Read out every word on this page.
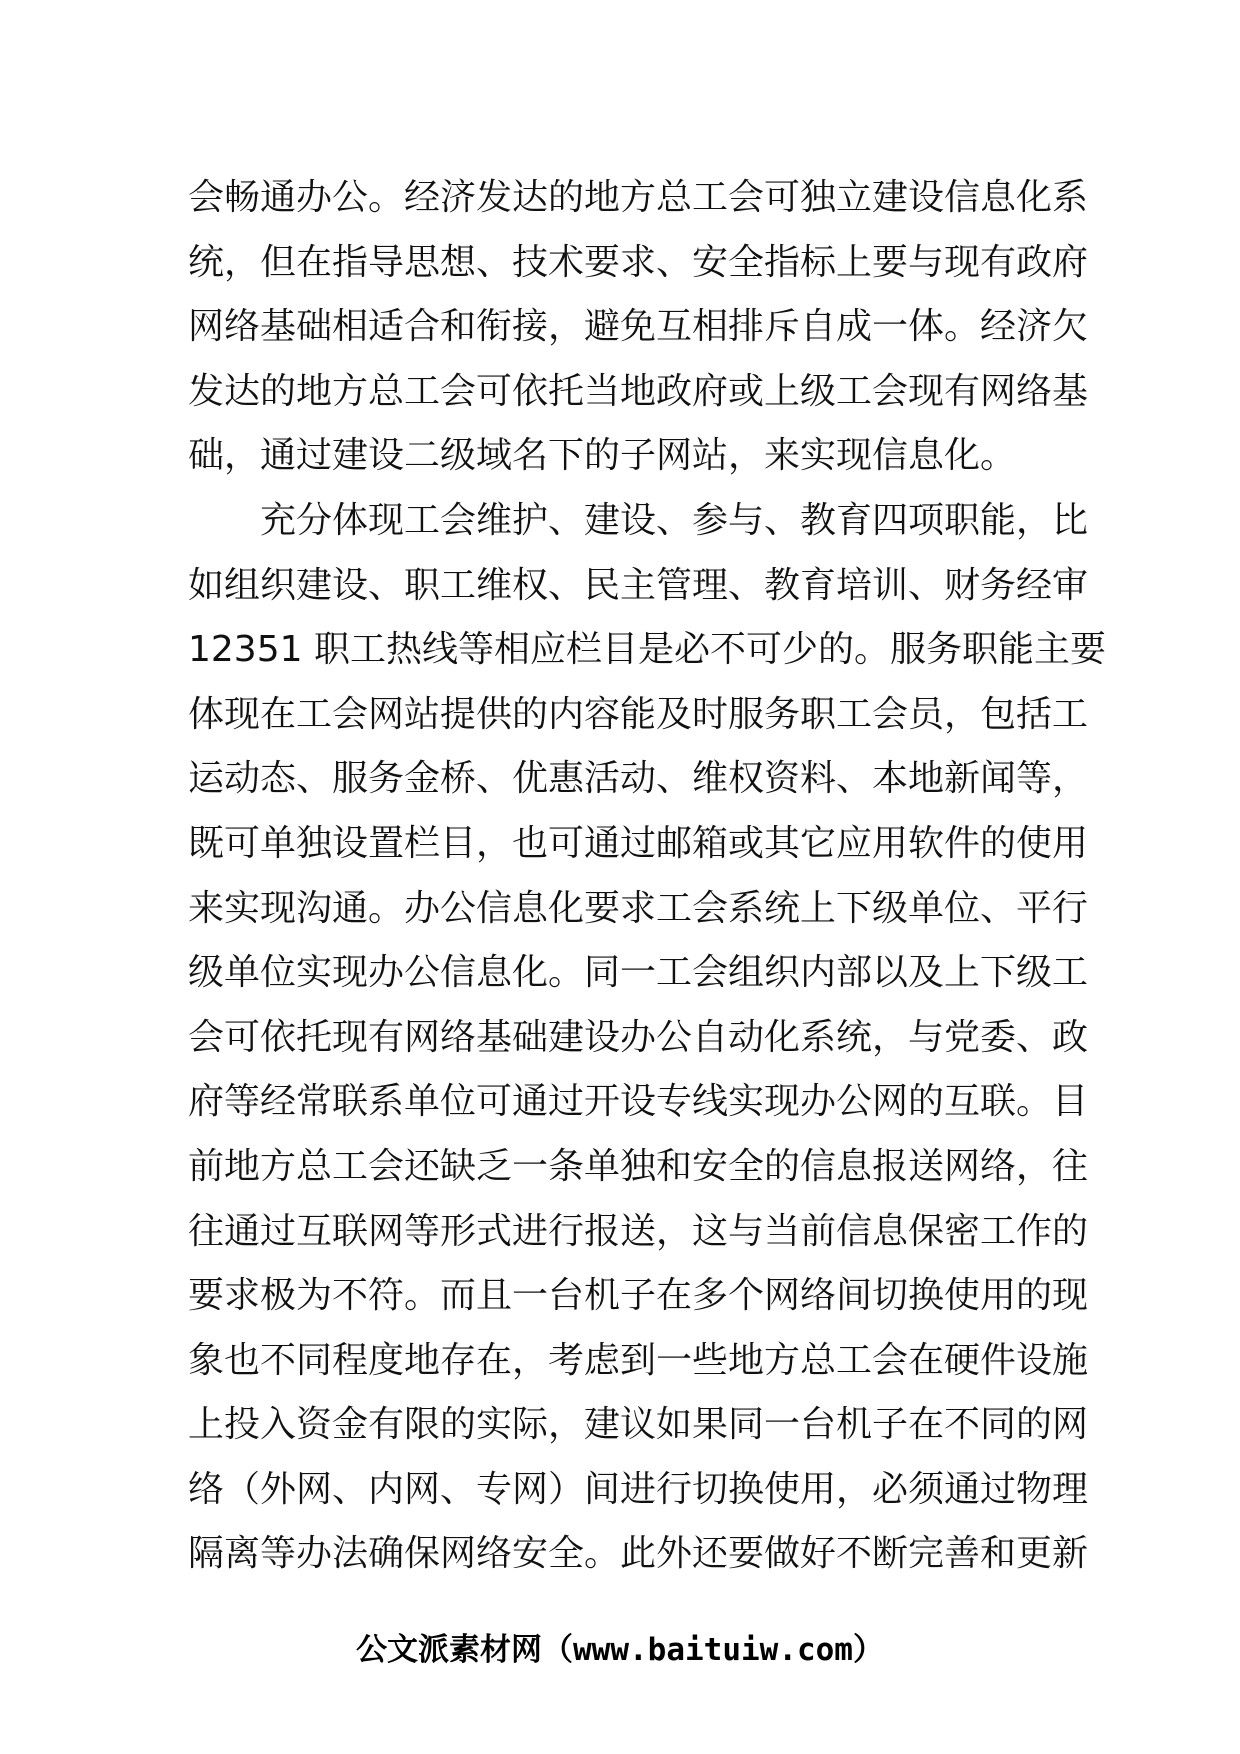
会畅通办公。经济发达的地方总工会可独立建设信息化系
统，但在指导思想、技术要求、安全指标上要与现有政府
网络基础相适合和衔接，避免互相排斥自成一体。经济欠
发达的地方总工会可依托当地政府或上级工会现有网络基
础，通过建设二级域名下的子网站，来实现信息化。
充分体现工会维护、建设、参与、教育四项职能，比
如组织建设、职工维权、民主管理、教育培训、财务经审
12351 职工热线等相应栏目是必不可少的。服务职能主要
体现在工会网站提供的内容能及时服务职工会员，包括工
运动态、服务金桥、优惠活动、维权资料、本地新闻等，
既可单独设置栏目，也可通过邮箱或其它应用软件的使用
来实现沟通。办公信息化要求工会系统上下级单位、平行
级单位实现办公信息化。同一工会组织内部以及上下级工
会可依托现有网络基础建设办公自动化系统，与党委、政
府等经常联系单位可通过开设专线实现办公网的互联。目
前地方总工会还缺乏一条单独和安全的信息报送网络，往
往通过互联网等形式进行报送，这与当前信息保密工作的
要求极为不符。而且一台机子在多个网络间切换使用的现
象也不同程度地存在，考虑到一些地方总工会在硬件设施
上投入资金有限的实际，建议如果同一台机子在不同的网
络（外网、内网、专网）间进行切换使用，必须通过物理
隔离等办法确保网络安全。此外还要做好不断完善和更新
公文派素材网（www.baituiw.com）
